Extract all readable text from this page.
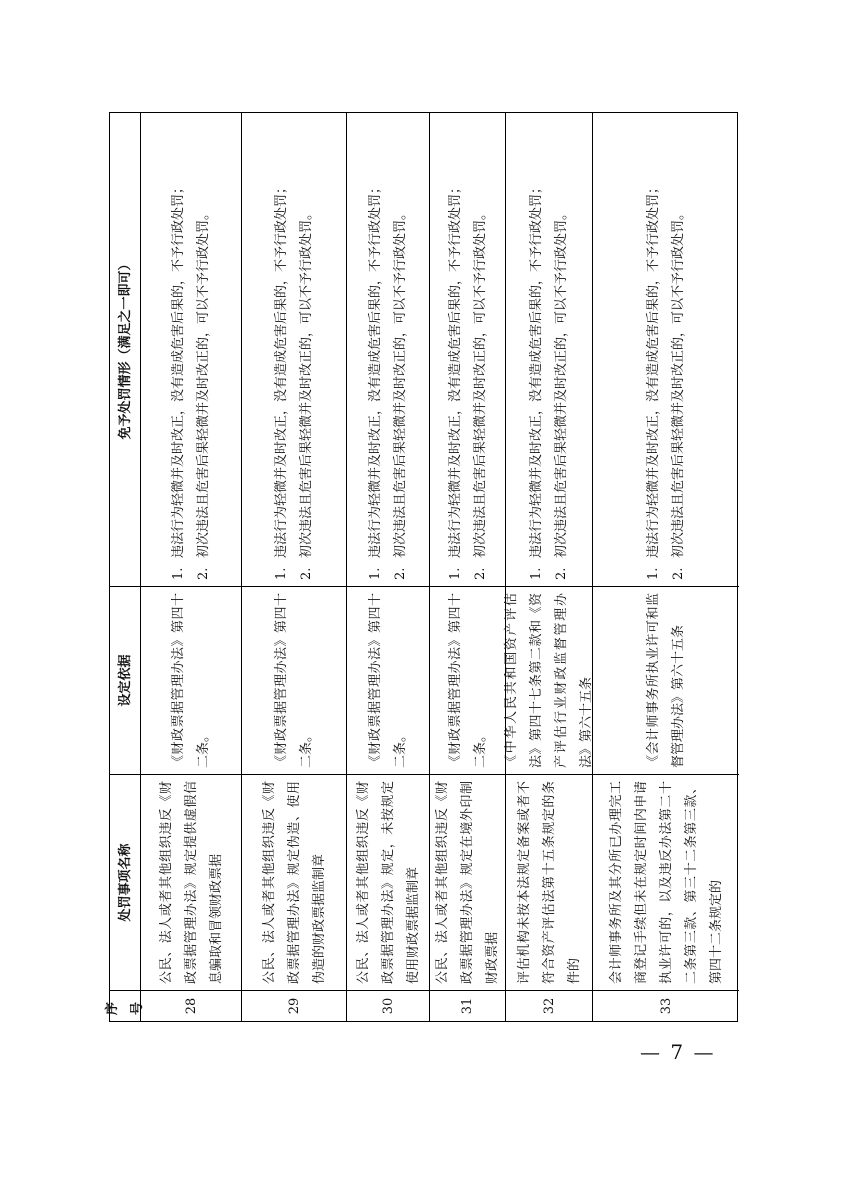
序号
处罚事项名称
设定依据
免予处罚情形（满足之一即可）
28
公民、法人或者其他组织违反《财政票据管理办法》规定提供虚假信息骗取和冒领财政票据
《财政票据管理办法》第四十二条。
1.
违法行为轻微并及时改正，没有造成危害后果的，不予行政处罚；
2.
初次违法且危害后果轻微并及时改正的，可以不予行政处罚。
29
公民、法人或者其他组织违反《财政票据管理办法》规定伪造、使用伪造的财政票据监制章
《财政票据管理办法》第四十二条。
1.
违法行为轻微并及时改正，没有造成危害后果的，不予行政处罚；
2.
初次违法且危害后果轻微并及时改正的，可以不予行政处罚。
30
公民、法人或者其他组织违反《财政票据管理办法》规定，未按规定使用财政票据监制章
《财政票据管理办法》第四十二条。
1.
违法行为轻微并及时改正，没有造成危害后果的，不予行政处罚；
2.
初次违法且危害后果轻微并及时改正的，可以不予行政处罚。
31
公民、法人或者其他组织违反《财政票据管理办法》规定在境外印制财政票据
《财政票据管理办法》第四十二条。
1.
违法行为轻微并及时改正，没有造成危害后果的，不予行政处罚；
2.
初次违法且危害后果轻微并及时改正的，可以不予行政处罚。
32
评估机构未按本法规定备案或者不符合资产评估法第十五条规定的条件的
《中华人民共和国资产评估法》第四十七条第二款和《资产评估行业财政监督管理办法》第六十五条
1.
违法行为轻微并及时改正，没有造成危害后果的，不予行政处罚；
2.
初次违法且危害后果轻微并及时改正的，可以不予行政处罚。
33
会计师事务所及其分所已办理完工商登记手续但未在规定时间内申请执业许可的，以及违反办法第二十二条第三款、第三十二条第三款、第四十二条规定的
《会计师事务所执业许可和监督管理办法》第六十五条
1.
违法行为轻微并及时改正，没有造成危害后果的，不予行政处罚；
2.
初次违法且危害后果轻微并及时改正的，可以不予行政处罚。
— 7 —
